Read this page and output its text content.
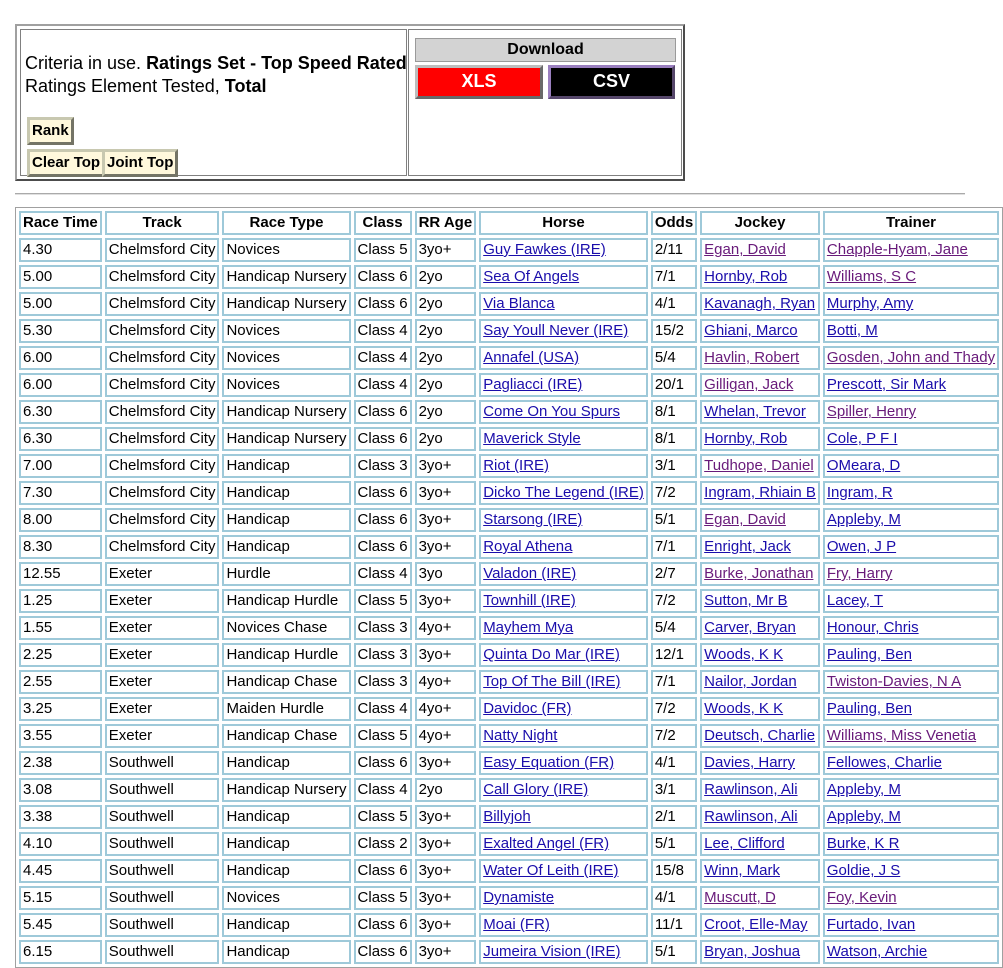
Criteria in use. Ratings Set - Top Speed Rated
Ratings Element Tested, Total
Rank
Clear Top Joint Top
Download
XLS	CSV
Race Time	Track	Race Type	Class	RR Age	Horse	Odds	Jockey	Trainer
4.30	Chelmsford City	Novices	Class 5	3yo+	Guy Fawkes (IRE)	2/11	Egan, David	Chapple-Hyam, Jane
5.00	Chelmsford City	Handicap Nursery	Class 6	2yo	Sea Of Angels	7/1	Hornby, Rob	Williams, S C
5.00	Chelmsford City	Handicap Nursery	Class 6	2yo	Via Blanca	4/1	Kavanagh, Ryan	Murphy, Amy
5.30	Chelmsford City	Novices	Class 4	2yo	Say Youll Never (IRE)	15/2	Ghiani, Marco	Botti, M
6.00	Chelmsford City	Novices	Class 4	2yo	Annafel (USA)	5/4	Havlin, Robert	Gosden, John and Thady
6.00	Chelmsford City	Novices	Class 4	2yo	Pagliacci (IRE)	20/1	Gilligan, Jack	Prescott, Sir Mark
6.30	Chelmsford City	Handicap Nursery	Class 6	2yo	Come On You Spurs	8/1	Whelan, Trevor	Spiller, Henry
6.30	Chelmsford City	Handicap Nursery	Class 6	2yo	Maverick Style	8/1	Hornby, Rob	Cole, P F I
7.00	Chelmsford City	Handicap	Class 3	3yo+	Riot (IRE)	3/1	Tudhope, Daniel	OMeara, D
7.30	Chelmsford City	Handicap	Class 6	3yo+	Dicko The Legend (IRE)	7/2	Ingram, Rhiain B	Ingram, R
8.00	Chelmsford City	Handicap	Class 6	3yo+	Starsong (IRE)	5/1	Egan, David	Appleby, M
8.30	Chelmsford City	Handicap	Class 6	3yo+	Royal Athena	7/1	Enright, Jack	Owen, J P
12.55	Exeter	Hurdle	Class 4	3yo	Valadon (IRE)	2/7	Burke, Jonathan	Fry, Harry
1.25	Exeter	Handicap Hurdle	Class 5	3yo+	Townhill (IRE)	7/2	Sutton, Mr B	Lacey, T
1.55	Exeter	Novices Chase	Class 3	4yo+	Mayhem Mya	5/4	Carver, Bryan	Honour, Chris
2.25	Exeter	Handicap Hurdle	Class 3	3yo+	Quinta Do Mar (IRE)	12/1	Woods, K K	Pauling, Ben
2.55	Exeter	Handicap Chase	Class 3	4yo+	Top Of The Bill (IRE)	7/1	Nailor, Jordan	Twiston-Davies, N A
3.25	Exeter	Maiden Hurdle	Class 4	4yo+	Davidoc (FR)	7/2	Woods, K K	Pauling, Ben
3.55	Exeter	Handicap Chase	Class 5	4yo+	Natty Night	7/2	Deutsch, Charlie	Williams, Miss Venetia
2.38	Southwell	Handicap	Class 6	3yo+	Easy Equation (FR)	4/1	Davies, Harry	Fellowes, Charlie
3.08	Southwell	Handicap Nursery	Class 4	2yo	Call Glory (IRE)	3/1	Rawlinson, Ali	Appleby, M
3.38	Southwell	Handicap	Class 5	3yo+	Billyjoh	2/1	Rawlinson, Ali	Appleby, M
4.10	Southwell	Handicap	Class 2	3yo+	Exalted Angel (FR)	5/1	Lee, Clifford	Burke, K R
4.45	Southwell	Handicap	Class 6	3yo+	Water Of Leith (IRE)	15/8	Winn, Mark	Goldie, J S
5.15	Southwell	Novices	Class 5	3yo+	Dynamiste	4/1	Muscutt, D	Foy, Kevin
5.45	Southwell	Handicap	Class 6	3yo+	Moai (FR)	11/1	Croot, Elle-May	Furtado, Ivan
6.15	Southwell	Handicap	Class 6	3yo+	Jumeira Vision (IRE)	5/1	Bryan, Joshua	Watson, Archie
